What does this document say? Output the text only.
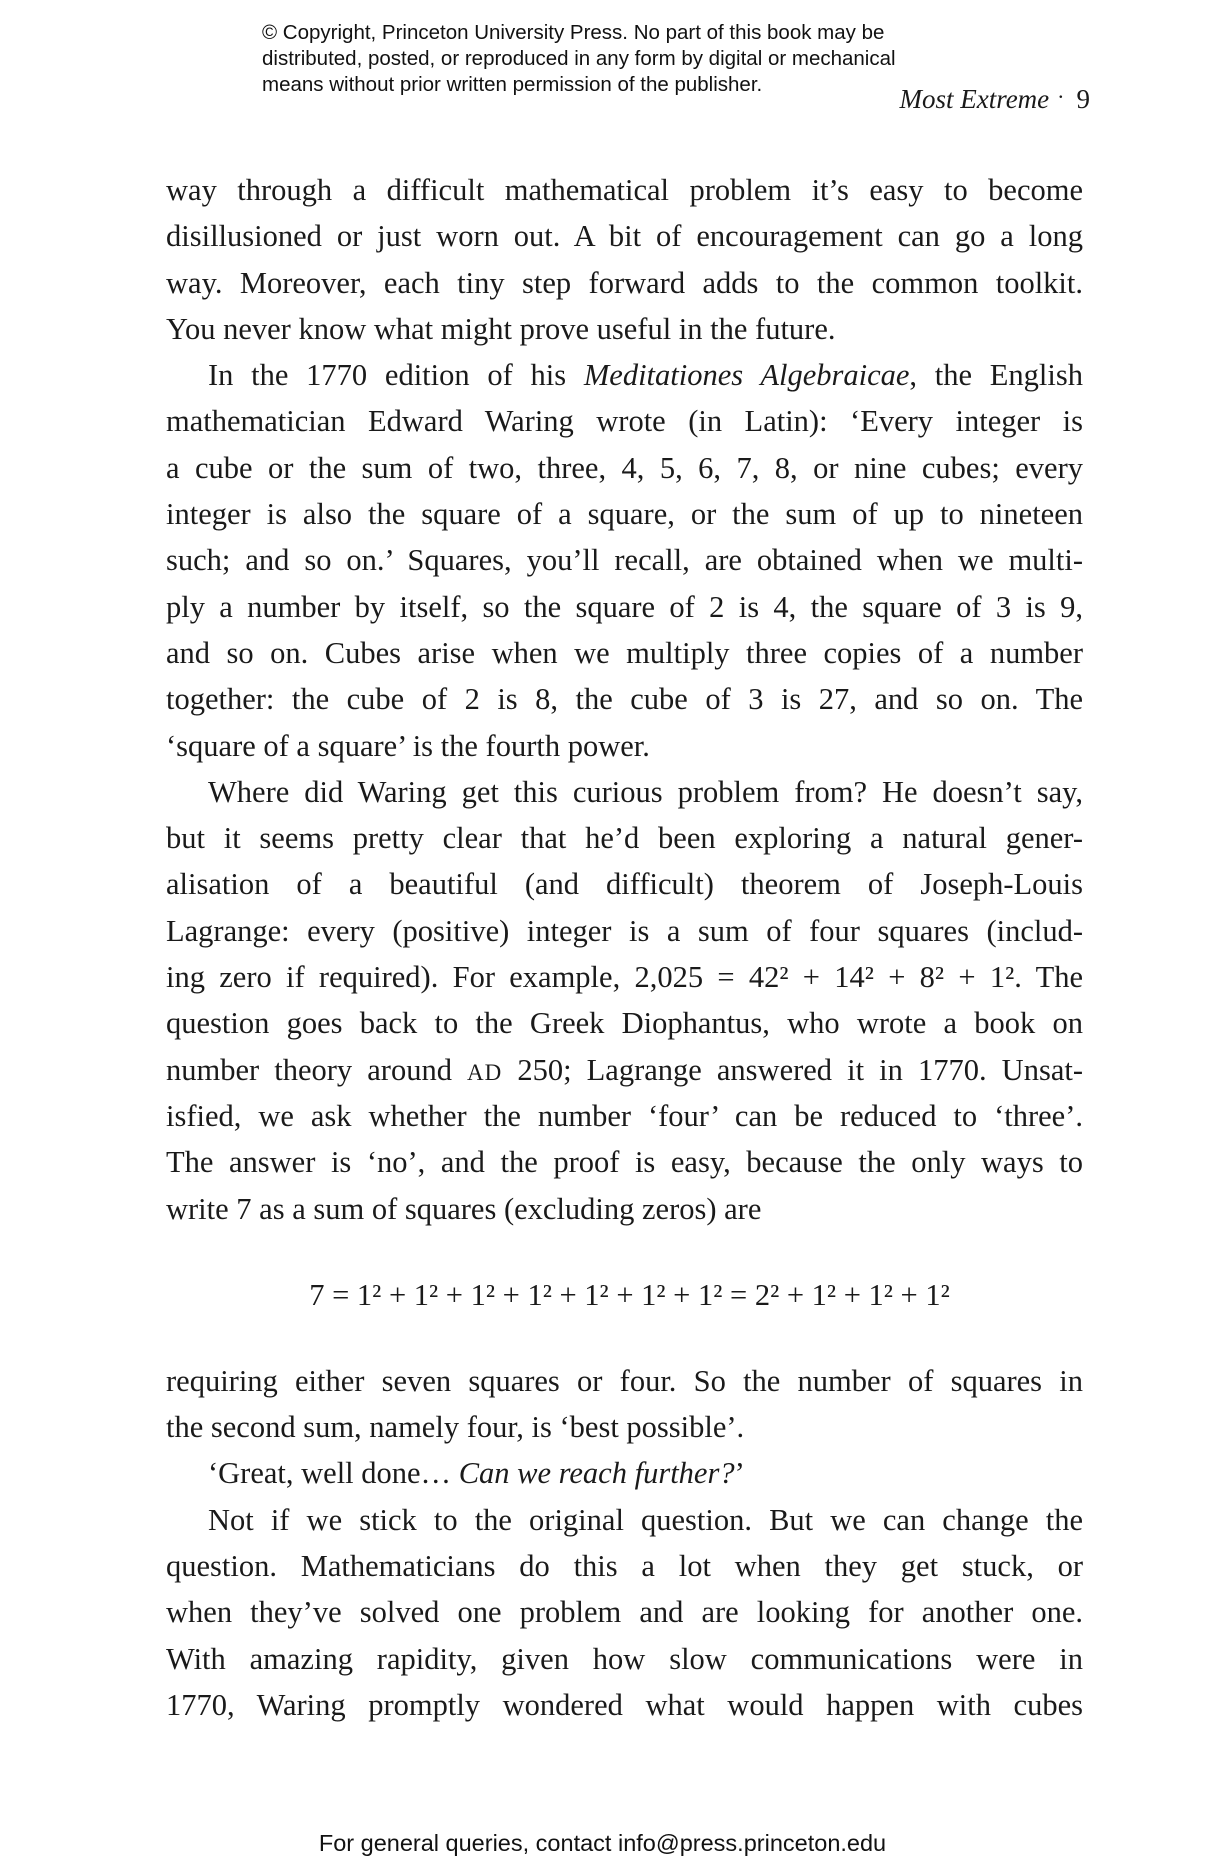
© Copyright, Princeton University Press. No part of this book may be
distributed, posted, or reproduced in any form by digital or mechanical
means without prior written permission of the publisher.	Most Extreme · 9
way through a difficult mathematical problem it’s easy to become
disillusioned or just worn out. A bit of encouragement can go a long
way. Moreover, each tiny step forward adds to the common toolkit.
You never know what might prove useful in the future.
In the 1770 edition of his Meditationes Algebraicae, the English
mathematician Edward Waring wrote (in Latin): ‘Every integer is
a cube or the sum of two, three, 4, 5, 6, 7, 8, or nine cubes; every
integer is also the square of a square, or the sum of up to nineteen
such; and so on.’ Squares, you’ll recall, are obtained when we multi-
ply a number by itself, so the square of 2 is 4, the square of 3 is 9,
and so on. Cubes arise when we multiply three copies of a number
together: the cube of 2 is 8, the cube of 3 is 27, and so on. The
‘square of a square’ is the fourth power.
Where did Waring get this curious problem from? He doesn’t say,
but it seems pretty clear that he’d been exploring a natural gener-
alisation of a beautiful (and difficult) theorem of Joseph-Louis
Lagrange: every (positive) integer is a sum of four squares (includ-
ing zero if required). For example, 2,025 = 42² + 14² + 8² + 1². The
question goes back to the Greek Diophantus, who wrote a book on
number theory around AD 250; Lagrange answered it in 1770. Unsat-
isfied, we ask whether the number ‘four’ can be reduced to ‘three’.
The answer is ‘no’, and the proof is easy, because the only ways to
write 7 as a sum of squares (excluding zeros) are
7 = 1² + 1² + 1² + 1² + 1² + 1² + 1² = 2² + 1² + 1² + 1²
requiring either seven squares or four. So the number of squares in
the second sum, namely four, is ‘best possible’.
‘Great, well done… Can we reach further?’
Not if we stick to the original question. But we can change the
question. Mathematicians do this a lot when they get stuck, or
when they’ve solved one problem and are looking for another one.
With amazing rapidity, given how slow communications were in
1770, Waring promptly wondered what would happen with cubes
For general queries, contact info@press.princeton.edu
